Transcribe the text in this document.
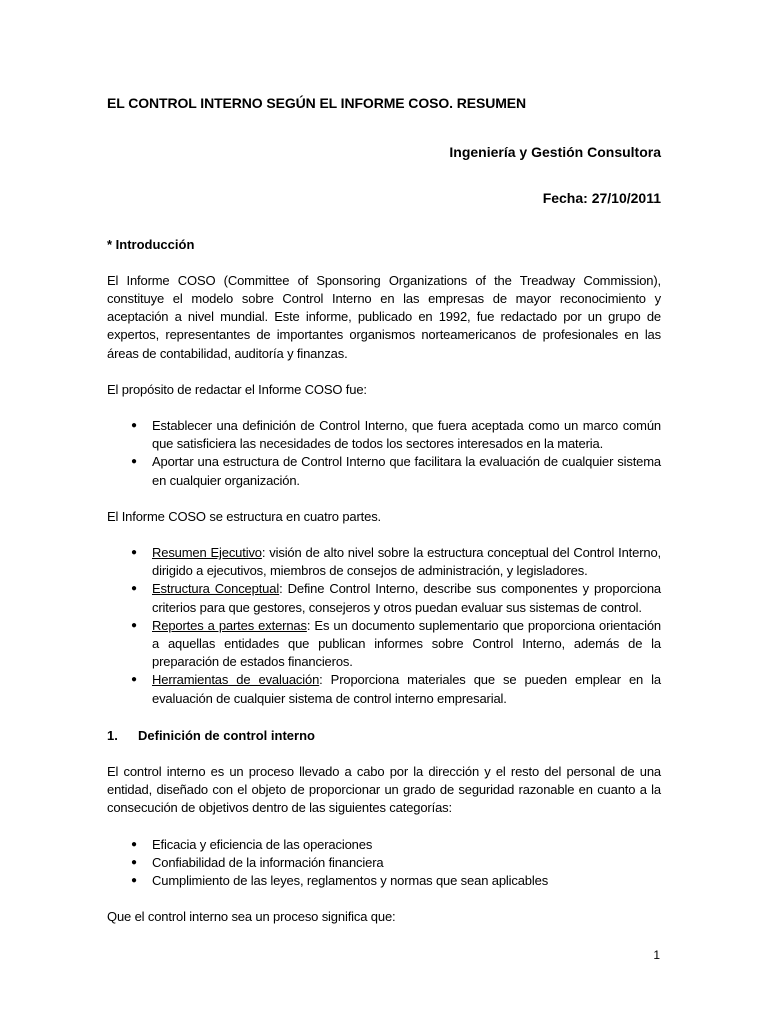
EL CONTROL INTERNO SEGÚN EL INFORME COSO. RESUMEN

Ingeniería y Gestión Consultora

Fecha: 27/10/2011

* Introducción

El Informe COSO (Committee of Sponsoring Organizations of the Treadway Commission), constituye el modelo sobre Control Interno en las empresas de mayor reconocimiento y aceptación a nivel mundial. Este informe, publicado en 1992, fue redactado por un grupo de expertos, representantes de importantes organismos norteamericanos de profesionales en las áreas de contabilidad, auditoría y finanzas.

El propósito de redactar el Informe COSO fue:

● Establecer una definición de Control Interno, que fuera aceptada como un marco común que satisficiera las necesidades de todos los sectores interesados en la materia.
● Aportar una estructura de Control Interno que facilitara la evaluación de cualquier sistema en cualquier organización.

El Informe COSO se estructura en cuatro partes.

● Resumen Ejecutivo: visión de alto nivel sobre la estructura conceptual del Control Interno, dirigido a ejecutivos, miembros de consejos de administración, y legisladores.
● Estructura Conceptual: Define Control Interno, describe sus componentes y proporciona criterios para que gestores, consejeros y otros puedan evaluar sus sistemas de control.
● Reportes a partes externas: Es un documento suplementario que proporciona orientación a aquellas entidades que publican informes sobre Control Interno, además de la preparación de estados financieros.
● Herramientas de evaluación: Proporciona materiales que se pueden emplear en la evaluación de cualquier sistema de control interno empresarial.

1. Definición de control interno

El control interno es un proceso llevado a cabo por la dirección y el resto del personal de una entidad, diseñado con el objeto de proporcionar un grado de seguridad razonable en cuanto a la consecución de objetivos dentro de las siguientes categorías:

● Eficacia y eficiencia de las operaciones
● Confiabilidad de la información financiera
● Cumplimiento de las leyes, reglamentos y normas que sean aplicables

Que el control interno sea un proceso significa que:

1
